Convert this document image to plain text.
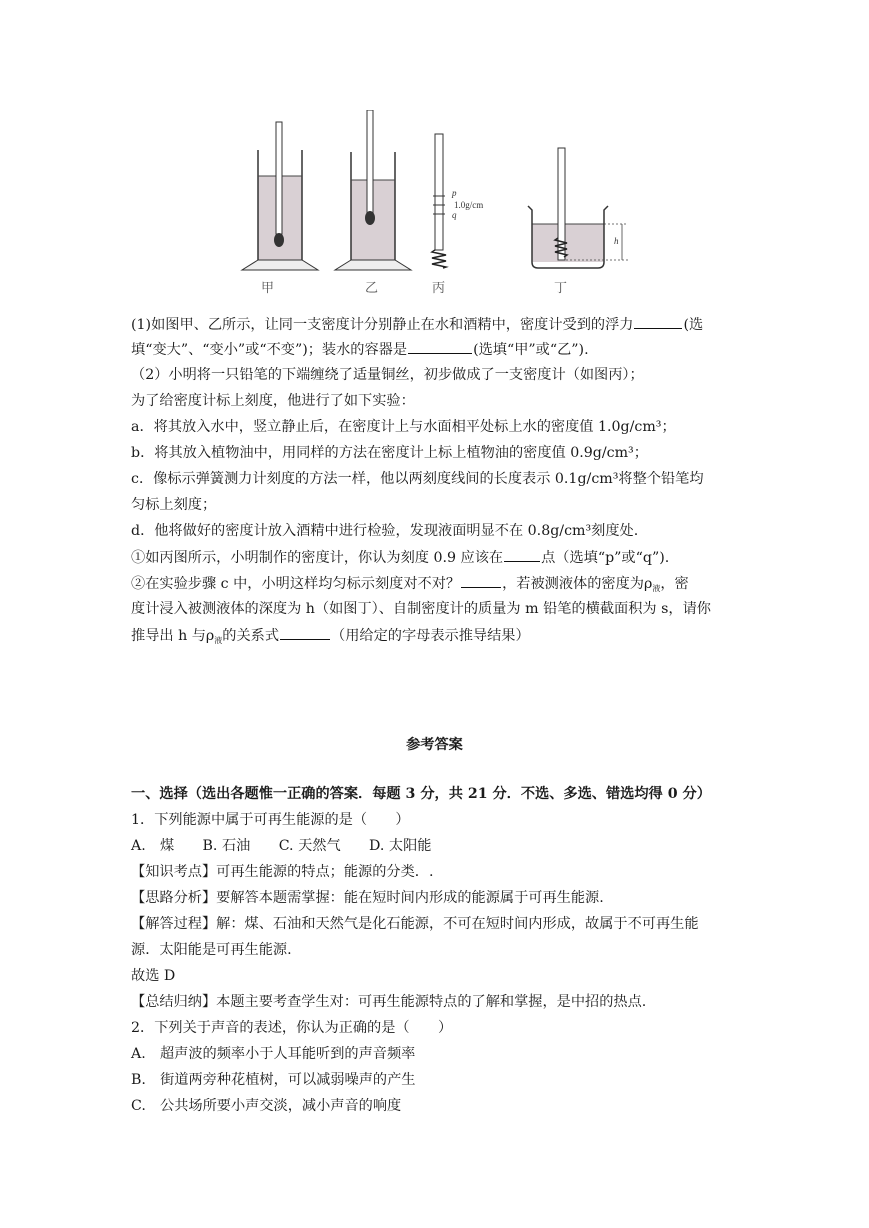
p
1.0g/cm
q
h
甲	乙	丙	丁
(1)如图甲、乙所示，让同一支密度计分别静止在水和酒精中，密度计受到的浮力	(选
填“变大”、“变小”或“不变”)；装水的容器是	(选填“甲”或“乙”).
（2）小明将一只铅笔的下端缠绕了适量铜丝，初步做成了一支密度计（如图丙）；
为了给密度计标上刻度，他进行了如下实验：
a．将其放入水中，竖立静止后，在密度计上与水面相平处标上水的密度值 1.0g/cm³；
b．将其放入植物油中，用同样的方法在密度计上标上植物油的密度值 0.9g/cm³；
c．像标示弹簧测力计刻度的方法一样，他以两刻度线间的长度表示 0.1g/cm³将整个铅笔均
匀标上刻度；
d．他将做好的密度计放入酒精中进行检验，发现液面明显不在 0.8g/cm³刻度处.
①如丙图所示，小明制作的密度计，你认为刻度 0.9 应该在	点（选填“p”或“q”).
②在实验步骤 c 中，小明这样均匀标示刻度对不对？	，若被测液体的密度为$\rho_液$，密
度计浸入被测液体的深度为 h（如图丁）、自制密度计的质量为 m 铅笔的横截面积为 s，请你
推导出 h 与$\rho_液$的关系式	（用给定的字母表示推导结果）
参考答案
一、选择（选出各题惟一正确的答案．每题 3 分，共 21 分．不选、多选、错选均得 0 分）
1．下列能源中属于可再生能源的是（　　）
A.　煤　　B. 石油　　C. 天然气　　D. 太阳能
【知识考点】可再生能源的特点；能源的分类．.
【思路分析】要解答本题需掌握：能在短时间内形成的能源属于可再生能源.
【解答过程】解：煤、石油和天然气是化石能源，不可在短时间内形成，故属于不可再生能
源．太阳能是可再生能源.
故选 D
【总结归纳】本题主要考查学生对：可再生能源特点的了解和掌握，是中招的热点.
2．下列关于声音的表述，你认为正确的是（　　）
A.　超声波的频率小于人耳能听到的声音频率
B.　街道两旁种花植树，可以减弱噪声的产生
C.　公共场所要小声交淡，减小声音的响度
